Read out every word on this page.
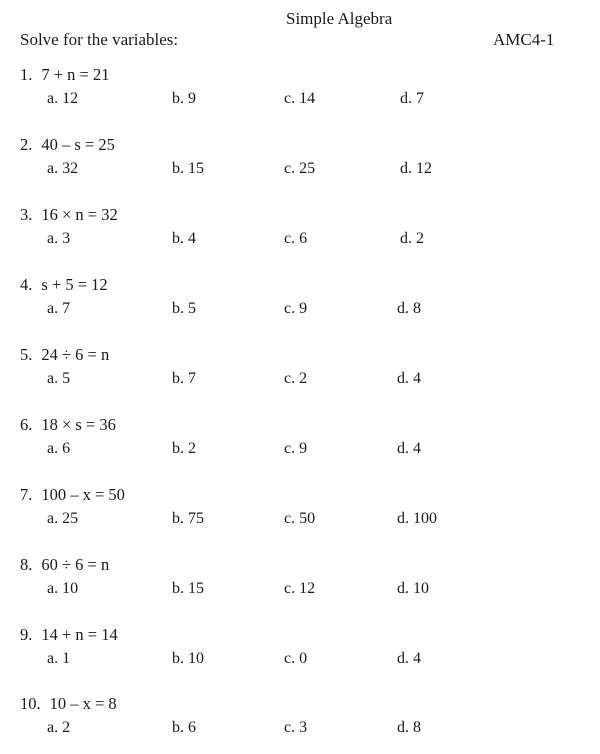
Simple Algebra
Solve for the variables:	AMC4-1
1. 7 + n = 21
a. 12	b. 9	c. 14	d. 7
2. 40 – s = 25
a. 32	b. 15	c. 25	d. 12
3. 16 × n = 32
a. 3	b. 4	c. 6	d. 2
4. s + 5 = 12
a. 7	b. 5	c. 9	d. 8
5. 24 ÷ 6 = n
a. 5	b. 7	c. 2	d. 4
6. 18 × s = 36
a. 6	b. 2	c. 9	d. 4
7. 100 – x = 50
a. 25	b. 75	c. 50	d. 100
8. 60 ÷ 6 = n
a. 10	b. 15	c. 12	d. 10
9. 14 + n = 14
a. 1	b. 10	c. 0	d. 4
10. 10 – x = 8
a. 2	b. 6	c. 3	d. 8
